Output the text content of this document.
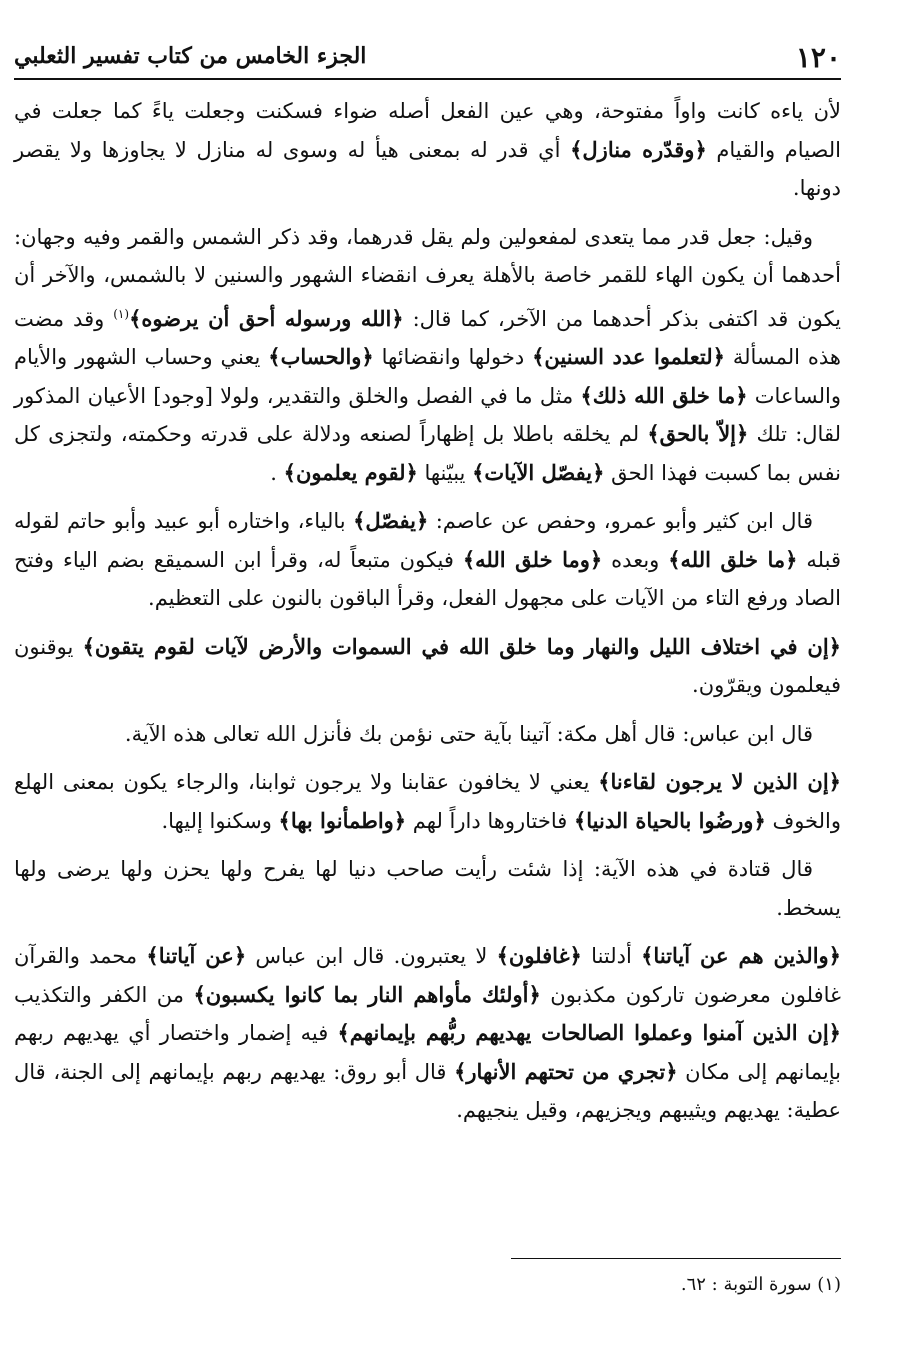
١٢٠
الجزء الخامس من كتاب تفسير الثعلبي

لأن ياءه كانت واواً مفتوحة، وهي عين الفعل أصله ضواء فسكنت وجعلت ياءً كما جعلت في الصيام والقيام ﴿وقدّره منازل﴾ أي قدر له بمعنى هيأ له وسوى له منازل لا يجاوزها ولا يقصر دونها.

وقيل: جعل قدر مما يتعدى لمفعولين ولم يقل قدرهما، وقد ذكر الشمس والقمر وفيه وجهان: أحدهما أن يكون الهاء للقمر خاصة بالأهلة يعرف انقضاء الشهور والسنين لا بالشمس، والآخر أن يكون قد اكتفى بذكر أحدهما من الآخر، كما قال: ﴿الله ورسوله أحق أن يرضوه﴾$^{(١)}$ وقد مضت هذه المسألة ﴿لتعلموا عدد السنين﴾ دخولها وانقضائها ﴿والحساب﴾ يعني وحساب الشهور والأيام والساعات ﴿ما خلق الله ذلك﴾ مثل ما في الفصل والخلق والتقدير، ولولا [وجود] الأعيان المذكور لقال: تلك ﴿إلاّ بالحق﴾ لم يخلقه باطلا بل إظهاراً لصنعه ودلالة على قدرته وحكمته، ولتجزى كل نفس بما كسبت فهذا الحق ﴿يفصّل الآيات﴾ يبيّنها ﴿لقوم يعلمون﴾ .

قال ابن كثير وأبو عمرو، وحفص عن عاصم: ﴿يفصّل﴾ بالياء، واختاره أبو عبيد وأبو حاتم لقوله قبله ﴿ما خلق الله﴾ وبعده ﴿وما خلق الله﴾ فيكون متبعاً له، وقرأ ابن السميقع بضم الياء وفتح الصاد ورفع التاء من الآيات على مجهول الفعل، وقرأ الباقون بالنون على التعظيم.

﴿إن في اختلاف الليل والنهار وما خلق الله في السموات والأرض لآيات لقوم يتقون﴾ يوقنون فيعلمون ويقرّون.

قال ابن عباس: قال أهل مكة: آتينا بآية حتى نؤمن بك فأنزل الله تعالى هذه الآية.

﴿إن الذين لا يرجون لقاءنا﴾ يعني لا يخافون عقابنا ولا يرجون ثوابنا، والرجاء يكون بمعنى الهلع والخوف ﴿ورضُوا بالحياة الدنيا﴾ فاختاروها داراً لهم ﴿واطمأنوا بها﴾ وسكنوا إليها.

قال قتادة في هذه الآية: إذا شئت رأيت صاحب دنيا لها يفرح ولها يحزن ولها يرضى ولها يسخط.

﴿والذين هم عن آياتنا﴾ أدلتنا ﴿غافلون﴾ لا يعتبرون. قال ابن عباس ﴿عن آياتنا﴾ محمد والقرآن غافلون معرضون تاركون مكذبون ﴿أولئك مأواهم النار بما كانوا يكسبون﴾ من الكفر والتكذيب ﴿إن الذين آمنوا وعملوا الصالحات يهديهم ربُّهم بإيمانهم﴾ فيه إضمار واختصار أي يهديهم ربهم بإيمانهم إلى مكان ﴿تجري من تحتهم الأنهار﴾ قال أبو روق: يهديهم ربهم بإيمانهم إلى الجنة، قال عطية: يهديهم ويثيبهم ويجزيهم، وقيل ينجيهم.

(١) سورة التوبة : ٦٢.
